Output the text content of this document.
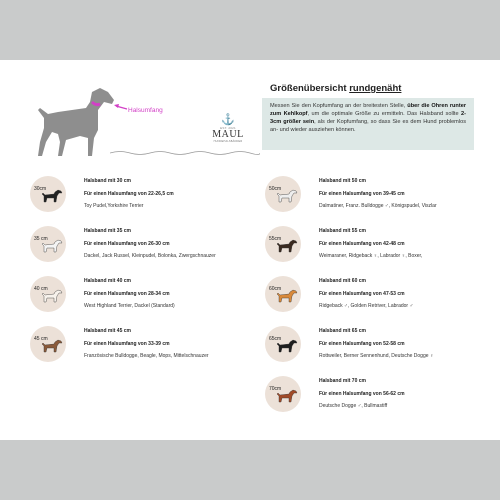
Halsumfang
⚓
EST. 2021
MAUL
HUNDEHALSBÄNDER
Größenübersicht rundgenäht

Messen Sie den Kopfumfang an der breitesten Stelle, über die Ohren runter zum Kehlkopf, um die optimale Größe zu ermitteln. Das Halsband sollte 2-3cm größer sein, als der Kopfumfang, so dass Sie es dem Hund problemlos an- und wieder ausziehen können.

30cm
Halsband mit 30 cm
Für einen Halsumfang von 22-26,5 cm
Toy Pudel,Yorkshire Terrier
35 cm
Halsband mit 35 cm
Für einen Halsumfang von 26-30 cm
Dackel, Jack Russel, Kleinpudel, Bolonka, Zwergschnauzer
40 cm
Halsband mit 40 cm
Für einen Halsumfang von 28-34 cm
West Highland Terrier, Dackel (Standard)
45 cm
Halsband mit 45 cm
Für einen Halsumfang von 33-39 cm
Französische Bulldogge, Beagle, Mops, Mittelschnauzer
50cm
Halsband mit 50 cm
Für einen Halsumfang von 39-45 cm
Dalmatiner, Franz. Bulldogge ♂, Königspudel, Viszlar
55cm
Halsband mit 55 cm
Für einen Halsumfang von 42-48 cm
Weimaraner, Ridgeback ♀, Labrador ♀, Boxer,
60cm
Halsband mit 60 cm
Für einen Halsumfang von 47-53 cm
Ridgeback ♂, Golden Retriver, Labrador ♂
65cm
Halsband mit 65 cm
Für einen Halsumfang von 52-58 cm
Rottweiler, Berner Sennenhund, Deutsche Dogge ♀
70cm
Halsband mit 70 cm
Für einen Halsumfang von 56-62 cm
Deutsche Dogge ♂, Bullmastiff
